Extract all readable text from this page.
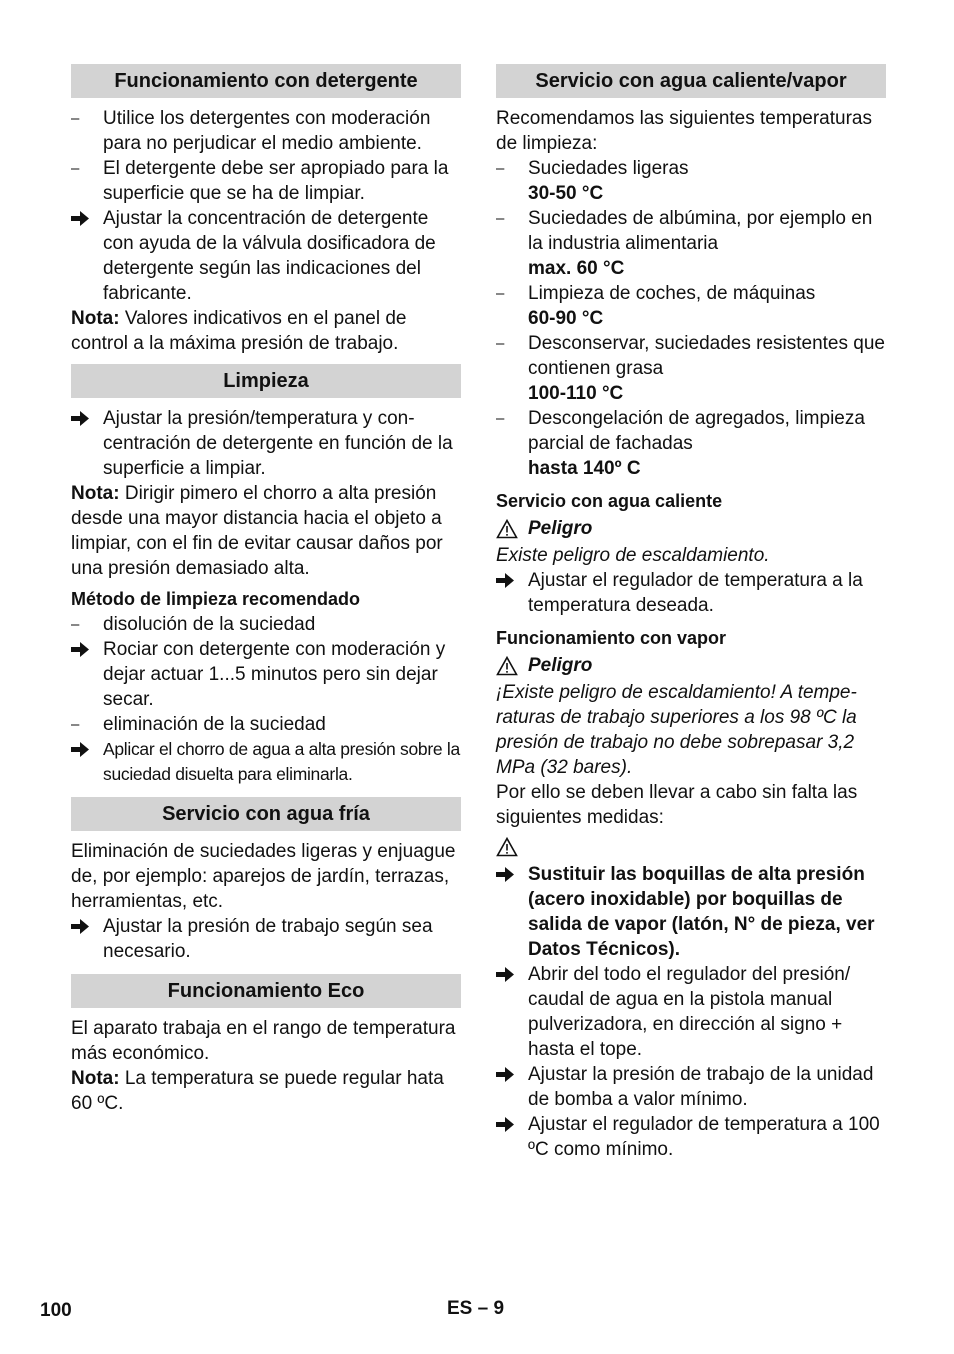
Funcionamiento con detergente
–	Utilice los detergentes con moderación para no perjudicar el medio ambiente.
–	El detergente debe ser apropiado para la superficie que se ha de limpiar.
Ajustar la concentración de detergente con ayuda de la válvula dosificadora de detergente según las indicaciones del fabricante.

Nota: Valores indicativos en el panel de control a la máxima presión de trabajo.

Limpieza
Ajustar la presión/temperatura y concentración de detergente en función de la superficie a limpiar.

Nota: Dirigir pimero el chorro a alta presión desde una mayor distancia hacia el objeto a limpiar, con el fin de evitar causar daños por una presión demasiado alta.

Método de limpieza recomendado
–	disolución de la suciedad
Rociar con detergente con moderación y dejar actuar 1...5 minutos pero sin dejar secar.
–	eliminación de la suciedad
Aplicar el chorro de agua a alta presión sobre la suciedad disuelta para eliminarla.
Servicio con agua fría

Eliminación de suciedades ligeras y enjuague de, por ejemplo: aparejos de jardín, terrazas, herramientas, etc.

Ajustar la presión de trabajo según sea necesario.
Funcionamiento Eco

El aparato trabaja en el rango de temperatura más económico.

Nota: La temperatura se puede regular hata 60 ºC.

Servicio con agua caliente/vapor

Recomendamos las siguientes temperaturas de limpieza:

–	Suciedades ligeras
30-50 °C
–	Suciedades de albúmina, por ejemplo en la industria alimentaria
max. 60 °C
–	Limpieza de coches, de máquinas
60-90 °C
–	Desconservar, suciedades resistentes que contienen grasa
100-110 °C
–	Descongelación de agregados, limpieza parcial de fachadas
hasta 140º C
Servicio con agua caliente
Peligro

Existe peligro de escaldamiento.

Ajustar el regulador de temperatura a la temperatura deseada.
Funcionamiento con vapor
Peligro

¡Existe peligro de escaldamiento! A temperaturas de trabajo superiores a los 98 ºC la presión de trabajo no debe sobrepasar 3,2 MPa (32 bares).

Por ello se deben llevar a cabo sin falta las siguientes medidas:

Sustituir las boquillas de alta presión (acero inoxidable) por boquillas de salida de vapor (latón, N° de pieza, ver Datos Técnicos).
Abrir del todo el regulador del presión/ caudal de agua en la pistola manual pulverizadora, en dirección al signo + hasta el tope.
Ajustar la presión de trabajo de la unidad de bomba a valor mínimo.
Ajustar el regulador de temperatura a 100 ºC como mínimo.
100	ES – 9
